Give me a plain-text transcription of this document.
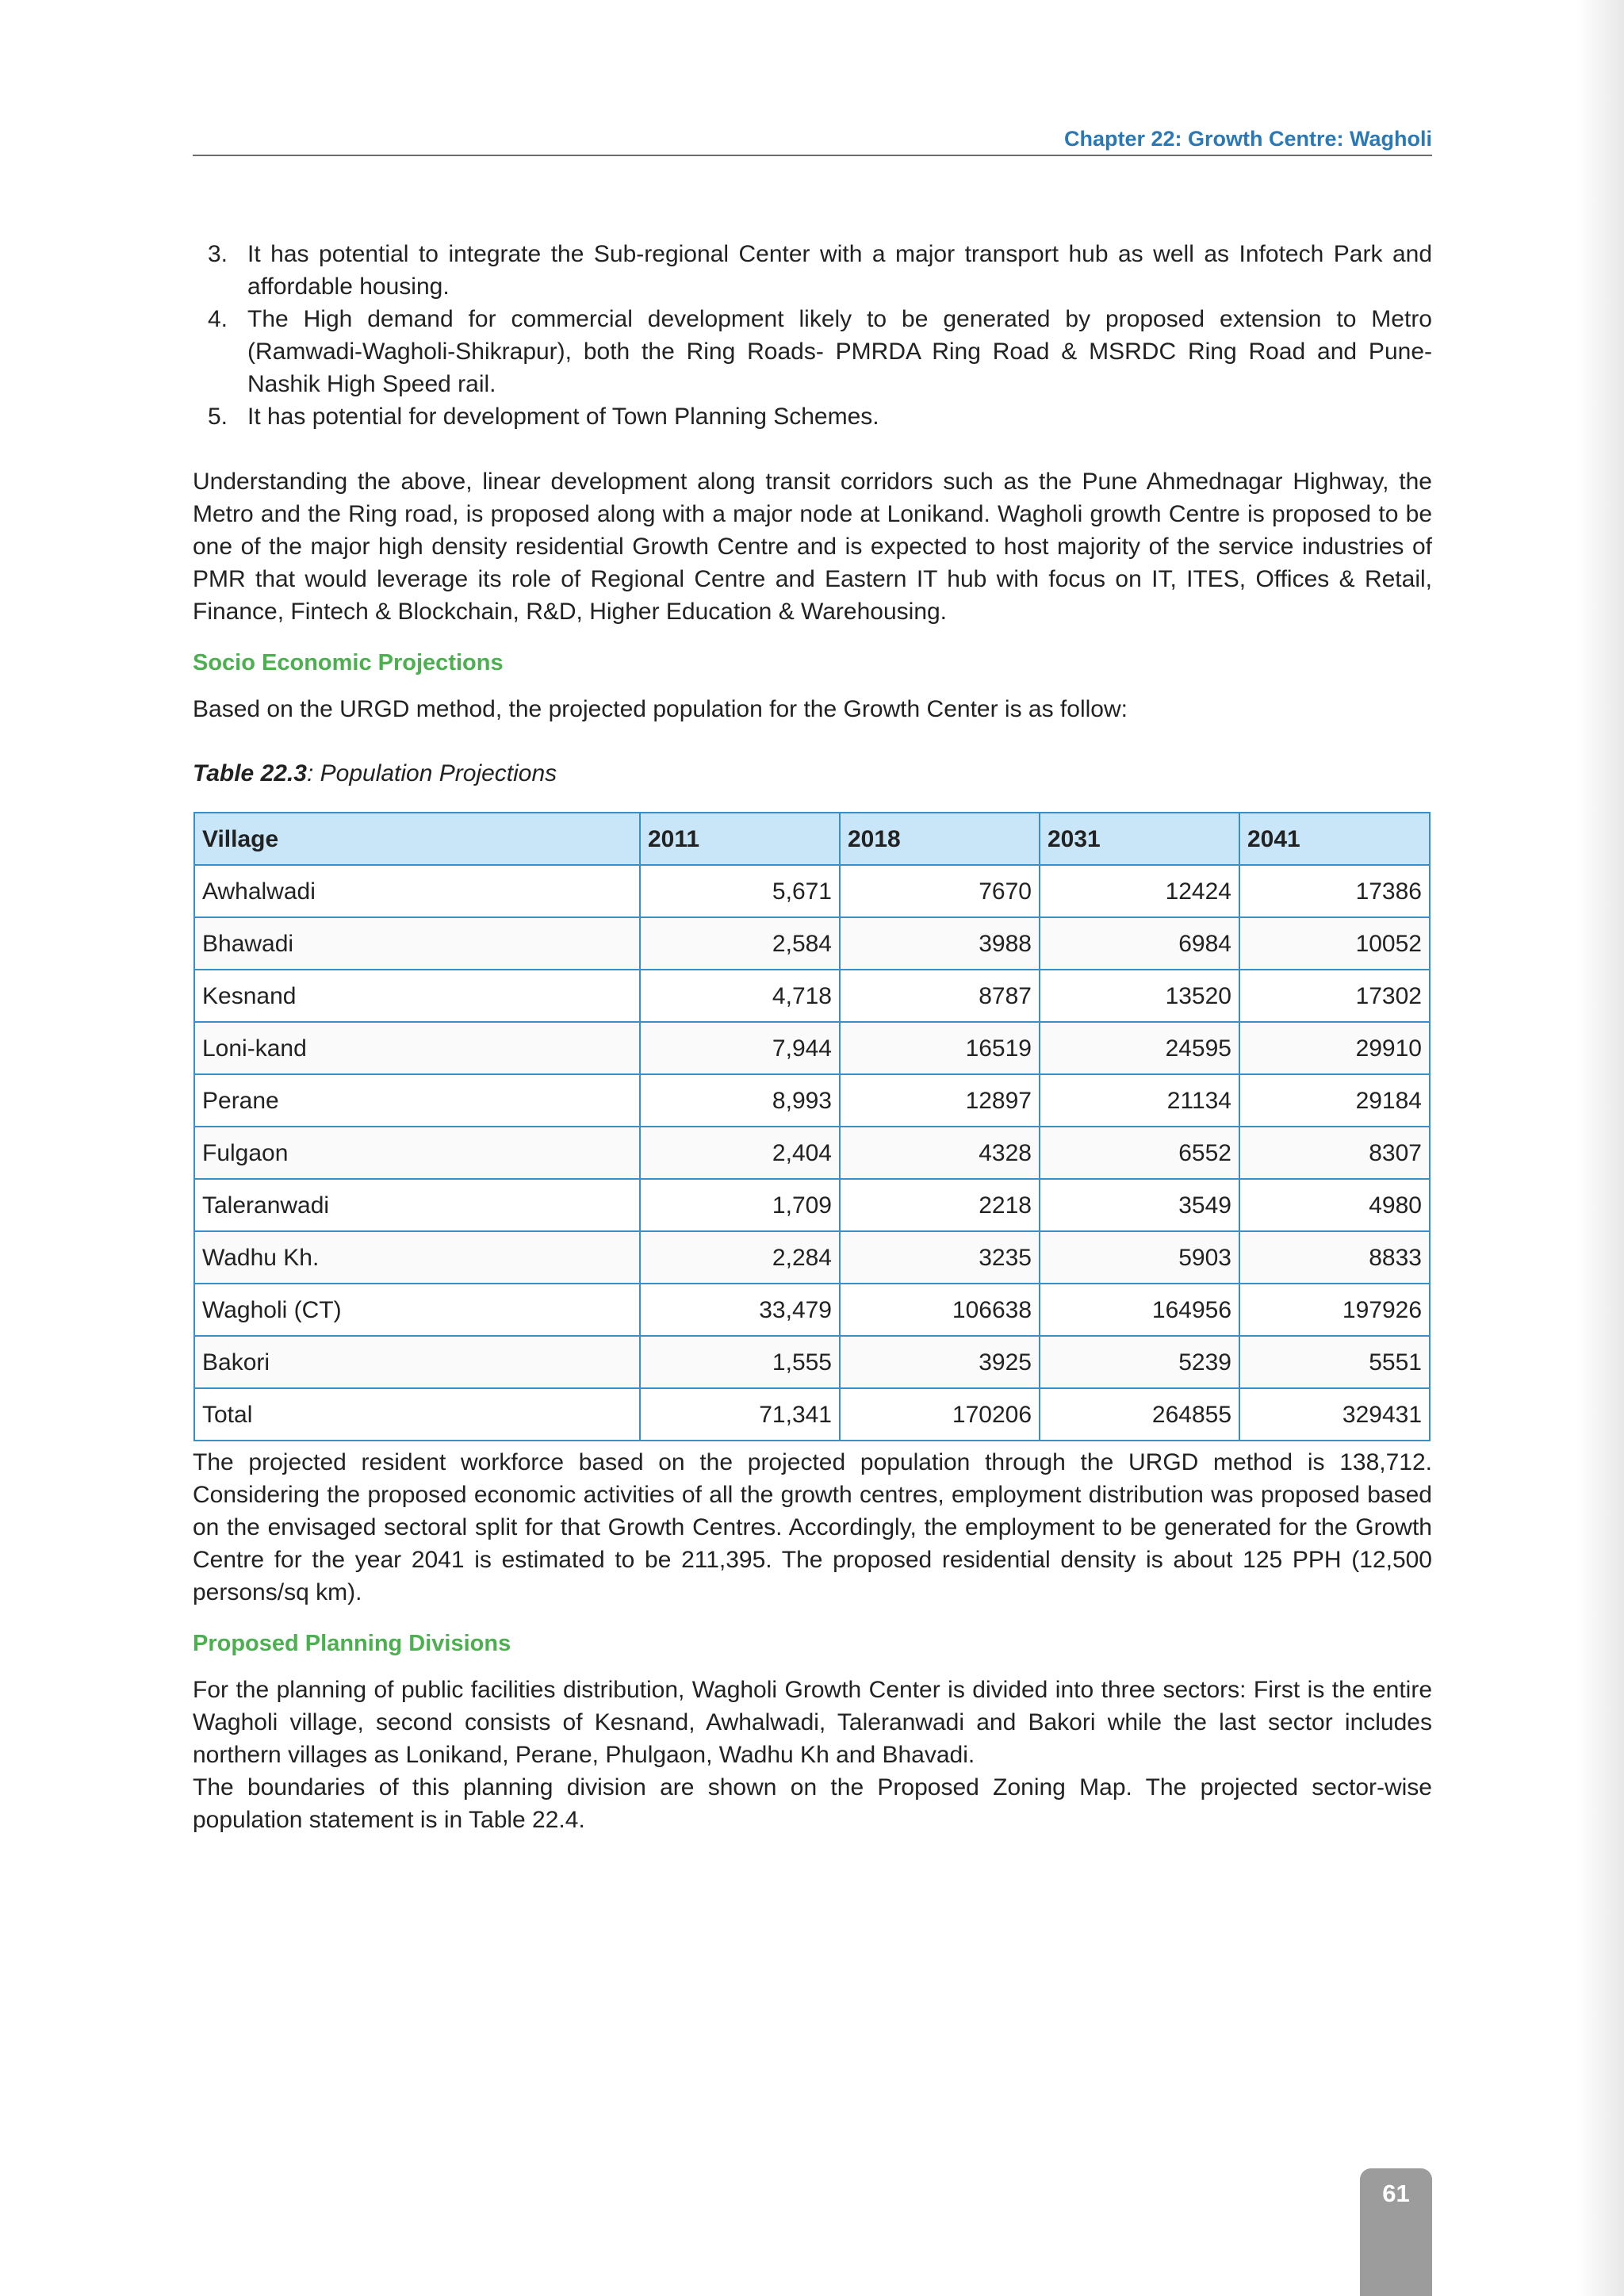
Chapter 22: Growth Centre: Wagholi
3. It has potential to integrate the Sub-regional Center with a major transport hub as well as Infotech Park and affordable housing.
4. The High demand for commercial development likely to be generated by proposed extension to Metro (Ramwadi-Wagholi-Shikrapur), both the Ring Roads- PMRDA Ring Road & MSRDC Ring Road and Pune-Nashik High Speed rail.
5. It has potential for development of Town Planning Schemes.

Understanding the above, linear development along transit corridors such as the Pune Ahmednagar Highway, the Metro and the Ring road, is proposed along with a major node at Lonikand. Wagholi growth Centre is proposed to be one of the major high density residential Growth Centre and is expected to host majority of the service industries of PMR that would leverage its role of Regional Centre and Eastern IT hub with focus on IT, ITES, Offices & Retail, Finance, Fintech & Blockchain, R&D, Higher Education & Warehousing.

Socio Economic Projections

Based on the URGD method, the projected population for the Growth Center is as follow:

Table 22.3: Population Projections

Village	2011	2018	2031	2041
Awhalwadi	5,671	7670	12424	17386
Bhawadi	2,584	3988	6984	10052
Kesnand	4,718	8787	13520	17302
Loni-kand	7,944	16519	24595	29910
Perane	8,993	12897	21134	29184
Fulgaon	2,404	4328	6552	8307
Taleranwadi	1,709	2218	3549	4980
Wadhu Kh.	2,284	3235	5903	8833
Wagholi (CT)	33,479	106638	164956	197926
Bakori	1,555	3925	5239	5551
Total	71,341	170206	264855	329431

The projected resident workforce based on the projected population through the URGD method is 138,712. Considering the proposed economic activities of all the growth centres, employment distribution was proposed based on the envisaged sectoral split for that Growth Centres. Accordingly, the employment to be generated for the Growth Centre for the year 2041 is estimated to be 211,395. The proposed residential density is about 125 PPH (12,500 persons/sq km).

Proposed Planning Divisions

For the planning of public facilities distribution, Wagholi Growth Center is divided into three sectors: First is the entire Wagholi village, second consists of Kesnand, Awhalwadi, Taleranwadi and Bakori while the last sector includes northern villages as Lonikand, Perane, Phulgaon, Wadhu Kh and Bhavadi.

The boundaries of this planning division are shown on the Proposed Zoning Map. The projected sector-wise population statement is in Table 22.4.

61
